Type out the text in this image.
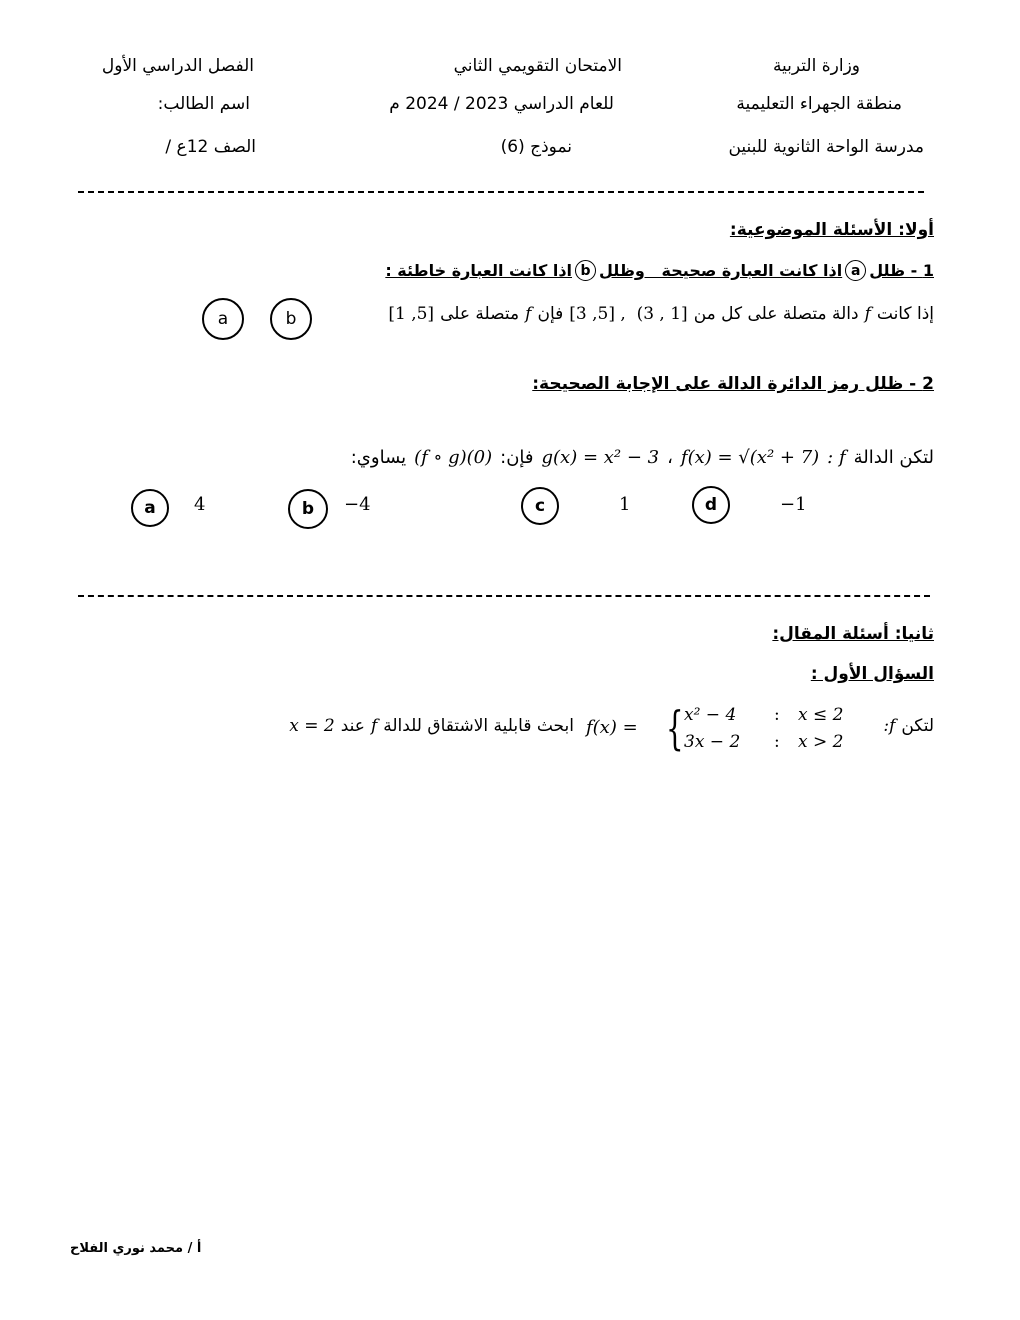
وزارة التربية
منطقة الجهراء التعليمية
مدرسة الواحة الثانوية للبنين
الامتحان التقويمي الثاني
للعام الدراسي 2023 / 2024 م
نموذج (6)
الفصل الدراسي الأول
اسم الطالب:
الصف 12ع /
أولا: الأسئلة الموضوعية:
1 - ظلل
a
اذا كانت العبارة صحيحة   وظلل
b
اذا كانت العبارة خاطئة :
إذا كانت
f
دالة متصلة على كل من
[3 ,5] ,  (3 , 1]
فإن
f
متصلة على
[1 ,5]
b
a
2 - ظلل رمز الدائرة الدالة على الإجابة الصحيحة:
لتكن الدالة
f :
f(x) = √(x² + 7)
،
g(x) = x² − 3
فإن:
(f ∘ g)(0)
يساوي:
a	4	b	−4	c	1	d	−1
ثانيا: أسئلة المقال:
السؤال الأول :
لتكن
f:
f(x) = { x² − 4 : x ≤ 2
3x − 2 : x > 2
ابحث قابلية الاشتقاق للدالة
f
عند
x = 2
أ / محمد نوري الفلاح
